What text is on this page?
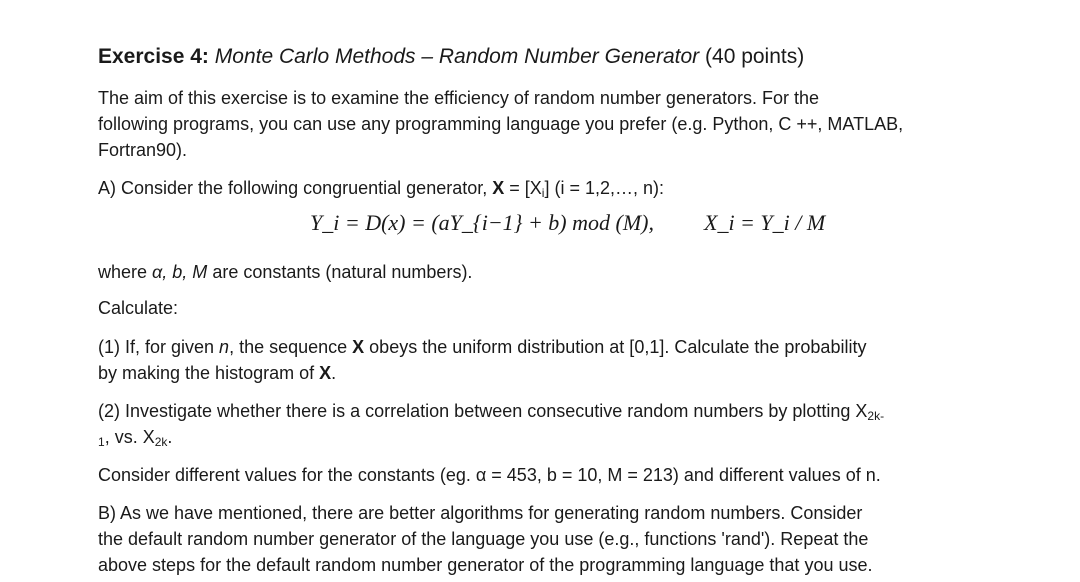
Exercise 4: Monte Carlo Methods – Random Number Generator (40 points)

The aim of this exercise is to examine the efficiency of random number generators. For the

following programs, you can use any programming language you prefer (e.g. Python, C ++, MATLAB,

Fortran90).

A) Consider the following congruential generator, $X = [X_i] (i$ = 1,2,…, n):

Y_i = D(x) = (aY_{i−1} + b) mod (M), X_i = Y_i / M

where α, b, M are constants (natural numbers).

Calculate:

(1) If, for given n, the sequence X obeys the uniform distribution at [0,1]. Calculate the probability

by making the histogram of X.

(2) Investigate whether there is a correlation between consecutive random numbers by plotting $X_{2k-}$

$_1$, vs. $X_{2k}$.

Consider different values for the constants (eg. α = 453, b = 10, M = 213) and different values of n.

B) As we have mentioned, there are better algorithms for generating random numbers. Consider

the default random number generator of the language you use (e.g., functions 'rand'). Repeat the

above steps for the default random number generator of the programming language that you use.
